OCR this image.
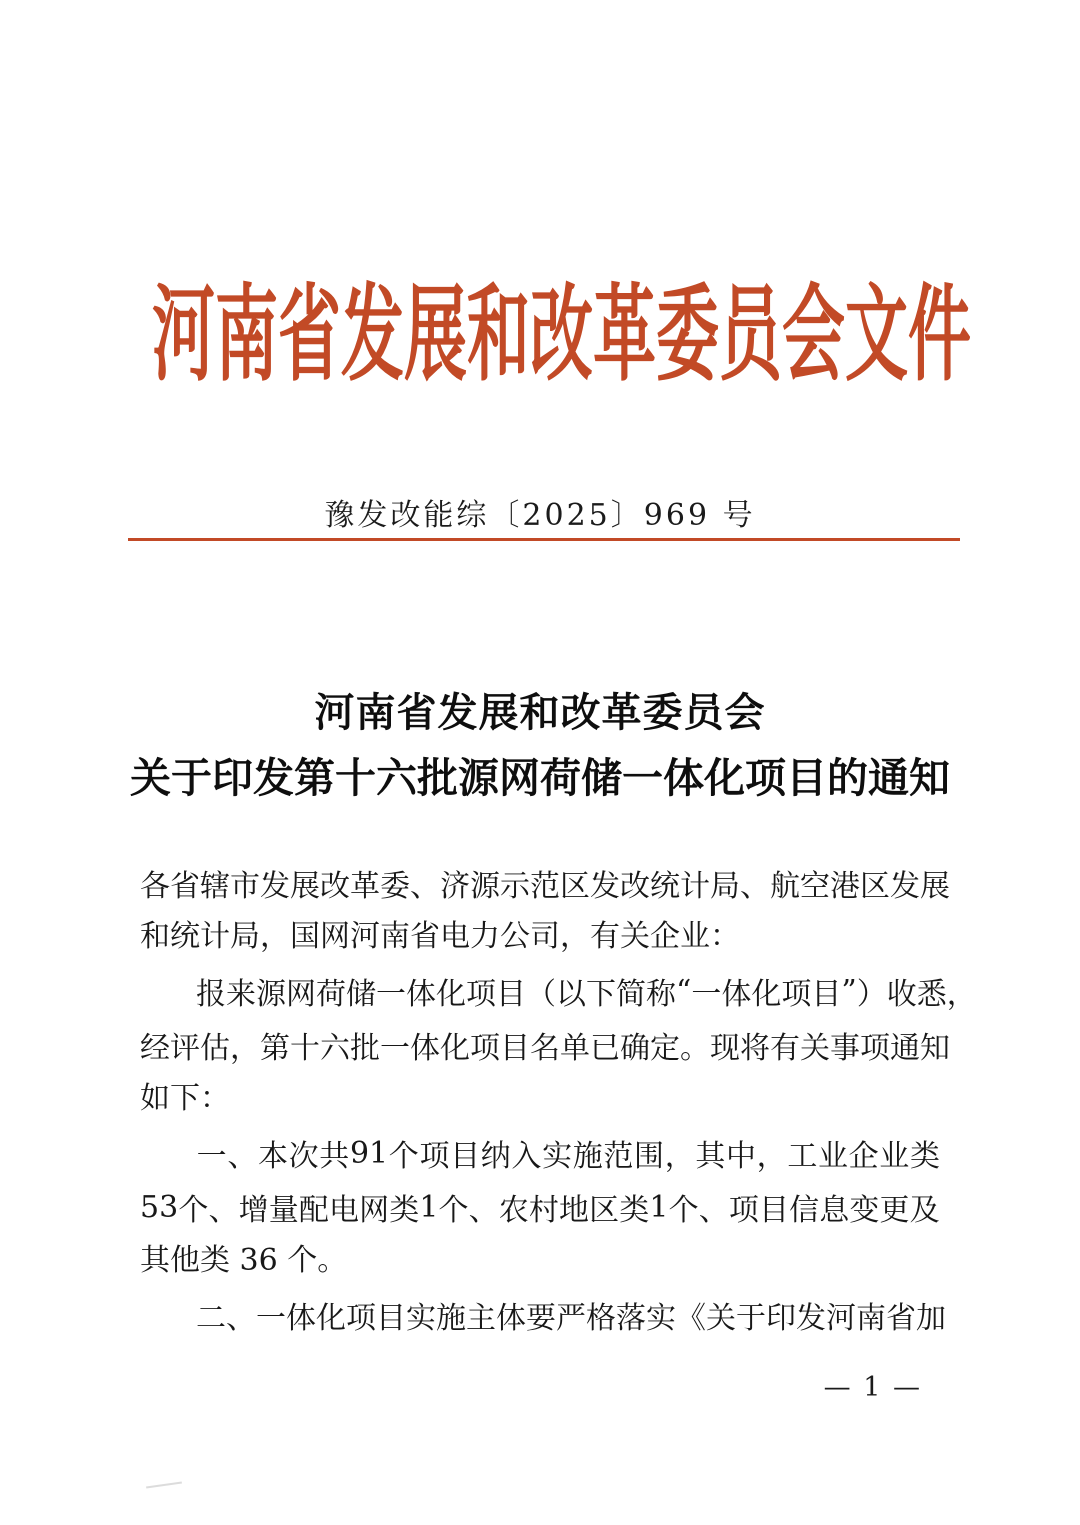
河 南 省 发 展 和 改 革 委 员 会 文 件
豫发改能综〔2025〕969 号
河南省发展和改革委员会
关于印发第十六批源网荷储一体化项目的通知
各 省 辖 市 发 展 改 革 委 、 济 源 示 范 区 发 改 统 计 局 、 航 空 港 区 发 展
和统计局，国网河南省电力公司，有关企业：
报 来 源 网 荷 储 一 体 化 项 目 （ 以 下 简 称 “ 一 体 化 项 目 ” ） 收 悉 ，
经 评 估 ， 第 十 六 批 一 体 化 项 目 名 单 已 确 定 。 现 将 有 关 事 项 通 知
如下：
一 、 本 次 共 91 个 项 目 纳 入 实 施 范 围 ， 其 中 ， 工 业 企 业 类
53 个 、 增 量 配 电 网 类 1 个 、 农 村 地 区 类 1 个 、 项 目 信 息 变 更 及
其他类 36 个。
二 、 一 体 化 项 目 实 施 主 体 要 严 格 落 实 《 关 于 印 发 河 南 省 加
— 1 —
